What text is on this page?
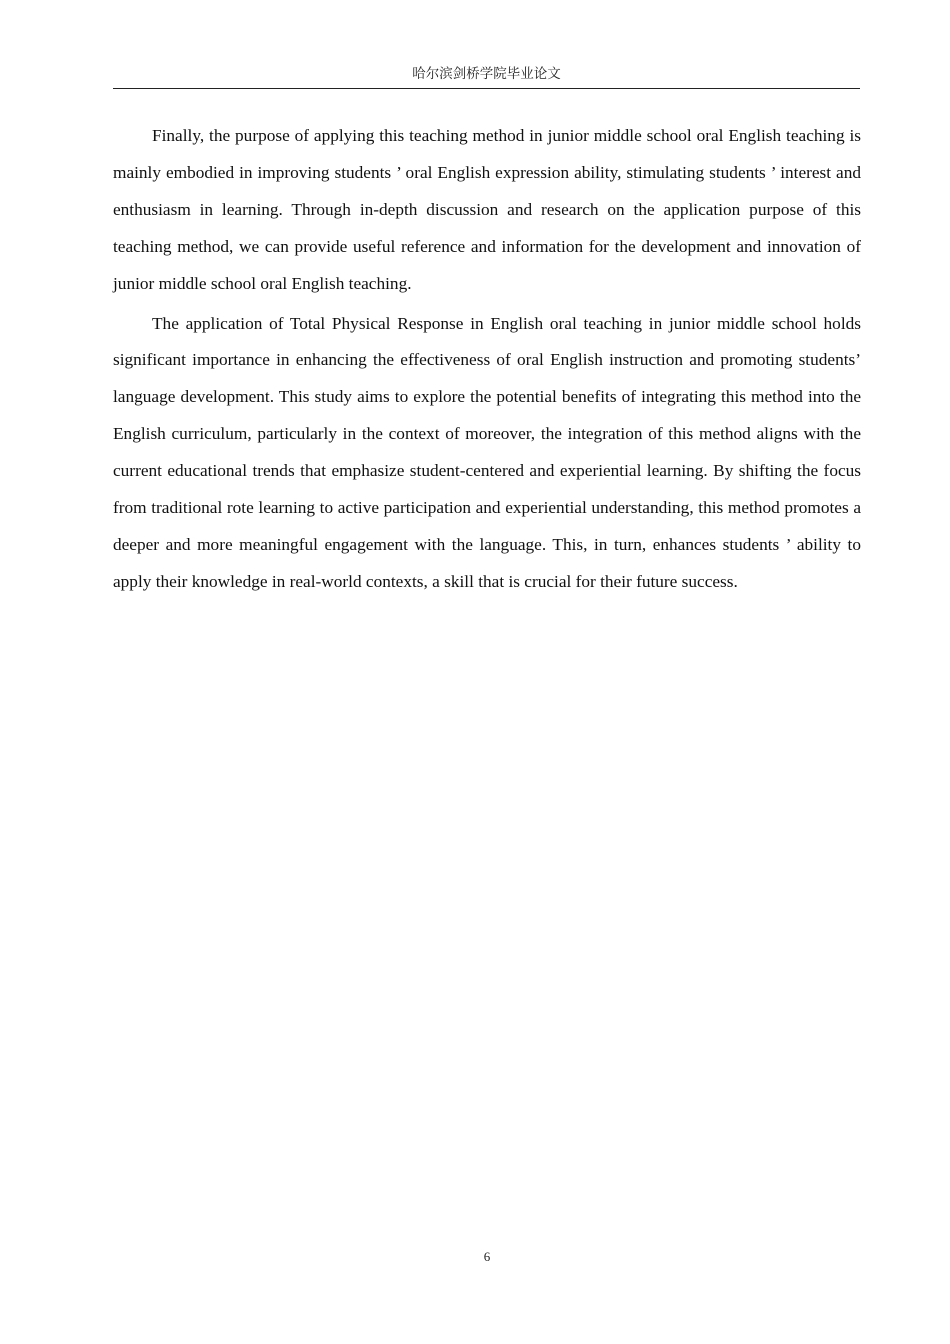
哈尔滨剑桥学院毕业论文

Finally, the purpose of applying this teaching method in junior middle school oral English teaching is mainly embodied in improving students ’ oral English expression ability, stimulating students ’ interest and enthusiasm in learning. Through in-depth discussion and research on the application purpose of this teaching method, we can provide useful reference and information for the development and innovation of junior middle school oral English teaching.

The application of Total Physical Response in English oral teaching in junior middle school holds significant importance in enhancing the effectiveness of oral English instruction and promoting students’ language development. This study aims to explore the potential benefits of integrating this method into the English curriculum, particularly in the context of moreover, the integration of this method aligns with the current educational trends that emphasize student-centered and experiential learning. By shifting the focus from traditional rote learning to active participation and experiential understanding, this method promotes a deeper and more meaningful engagement with the language. This, in turn, enhances students ’ ability to apply their knowledge in real-world contexts, a skill that is crucial for their future success.

6
